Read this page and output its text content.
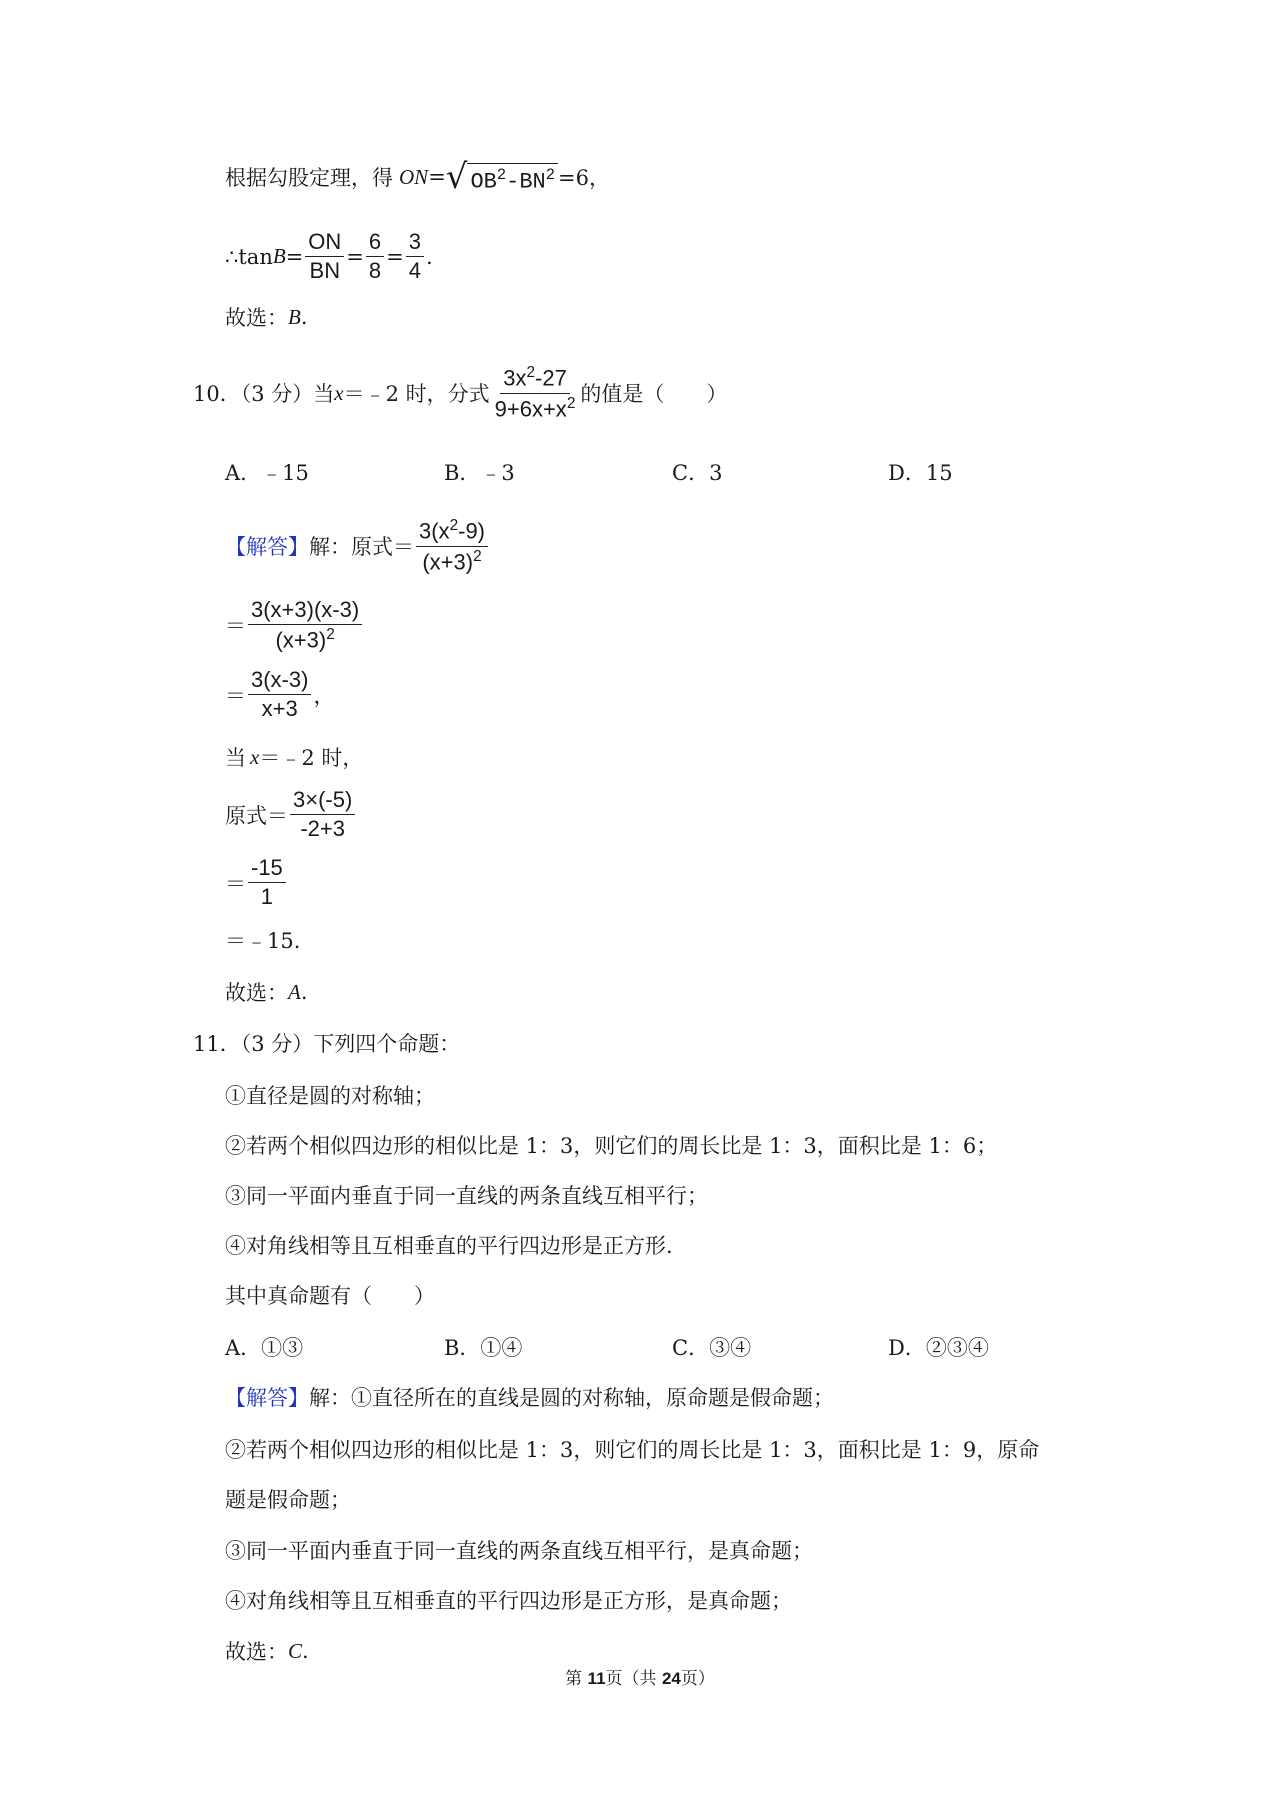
根据勾股定理，得 ON = √ $OB^2-BN^2 =6$，
∴tan $B = \frac{ON}{BN} = \frac{6}{8} = \frac{3}{4}$ .
故选： B .
10．（3 分）当 x ＝﹣2 时，分式 $\frac{3x^2-27}{9+6x+x^2}$ 的值是（　　）
A．﹣15	B．﹣3	C．3	D．15
【解答】 解：原式＝ $\frac{3(x^2-9)}{(x+3)^2}$
＝ $\frac{3(x+3)(x-3)}{(x+3)^2}$
＝ $\frac{3(x-3)}{x+3}$ ，
当 x ＝﹣2 时，
原式＝ $\frac{3\times(-5)}{-2+3}$
＝ $\frac{-15}{1}$
＝﹣15.
故选： A .
11．（3 分）下列四个命题：
①直径是圆的对称轴；
②若两个相似四边形的相似比是 1：3，则它们的周长比是 1：3，面积比是 1：6；
③同一平面内垂直于同一直线的两条直线互相平行；
④对角线相等且互相垂直的平行四边形是正方形.
其中真命题有（　　）
A．①③	B．①④	C．③④	D．②③④
【解答】 解：①直径所在的直线是圆的对称轴，原命题是假命题；
②若两个相似四边形的相似比是 1：3，则它们的周长比是 1：3，面积比是 1：9，原命
题是假命题；
③同一平面内垂直于同一直线的两条直线互相平行，是真命题；
④对角线相等且互相垂直的平行四边形是正方形，是真命题；
故选： C .
第 11页（共 24页）
